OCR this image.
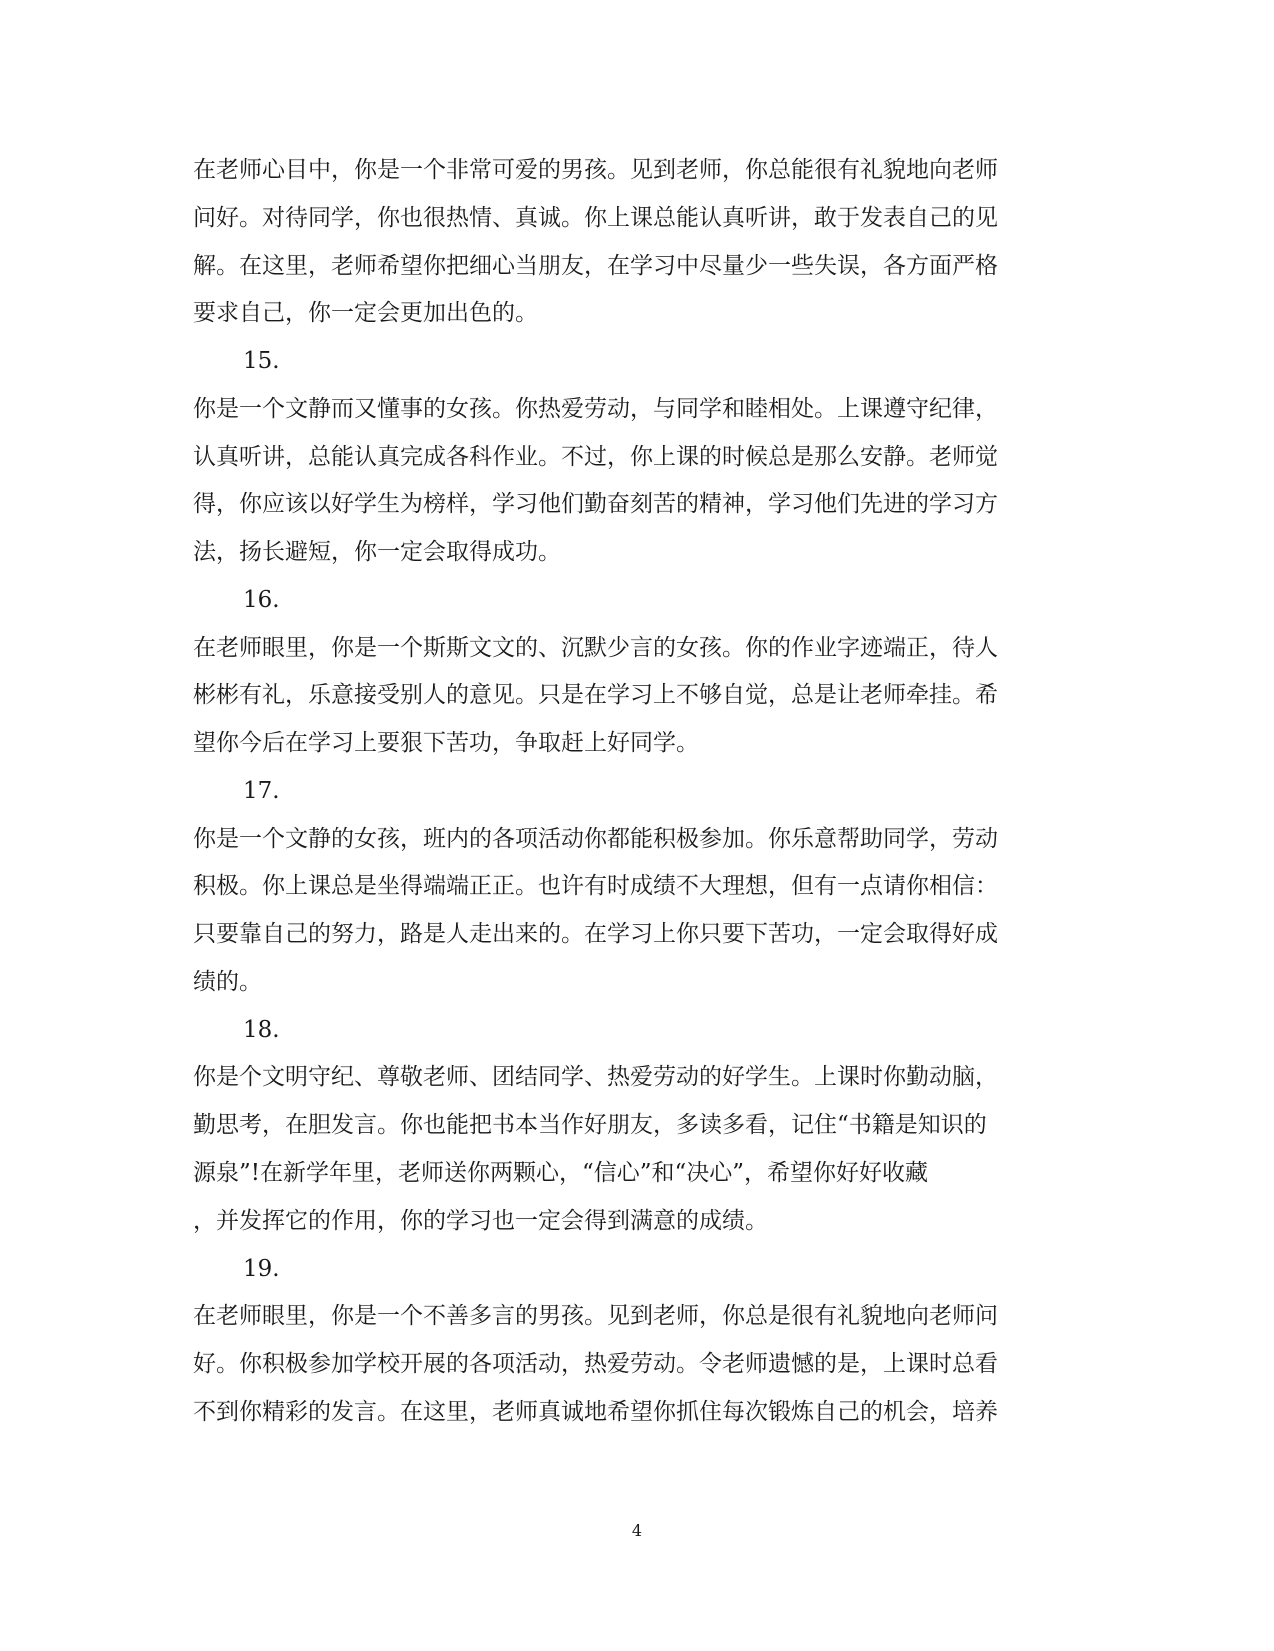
在老师心目中，你是一个非常可爱的男孩。见到老师，你总能很有礼貌地向老师
问好。对待同学，你也很热情、真诚。你上课总能认真听讲，敢于发表自己的见
解。在这里，老师希望你把细心当朋友，在学习中尽量少一些失误，各方面严格
要求自己，你一定会更加出色的。
15.
你是一个文静而又懂事的女孩。你热爱劳动，与同学和睦相处。上课遵守纪律，
认真听讲，总能认真完成各科作业。不过，你上课的时候总是那么安静。老师觉
得，你应该以好学生为榜样，学习他们勤奋刻苦的精神，学习他们先进的学习方
法，扬长避短，你一定会取得成功。
16.
在老师眼里，你是一个斯斯文文的、沉默少言的女孩。你的作业字迹端正，待人
彬彬有礼，乐意接受别人的意见。只是在学习上不够自觉，总是让老师牵挂。希
望你今后在学习上要狠下苦功，争取赶上好同学。
17.
你是一个文静的女孩，班内的各项活动你都能积极参加。你乐意帮助同学，劳动
积极。你上课总是坐得端端正正。也许有时成绩不大理想，但有一点请你相信：
只要靠自己的努力，路是人走出来的。在学习上你只要下苦功，一定会取得好成
绩的。
18.
你是个文明守纪、尊敬老师、团结同学、热爱劳动的好学生。上课时你勤动脑，
勤思考，在胆发言。你也能把书本当作好朋友，多读多看，记住“书籍是知识的
源泉”!在新学年里，老师送你两颗心，“信心”和“决心”，希望你好好收藏
，并发挥它的作用，你的学习也一定会得到满意的成绩。
19.
在老师眼里，你是一个不善多言的男孩。见到老师，你总是很有礼貌地向老师问
好。你积极参加学校开展的各项活动，热爱劳动。令老师遗憾的是，上课时总看
不到你精彩的发言。在这里，老师真诚地希望你抓住每次锻炼自己的机会，培养
4
